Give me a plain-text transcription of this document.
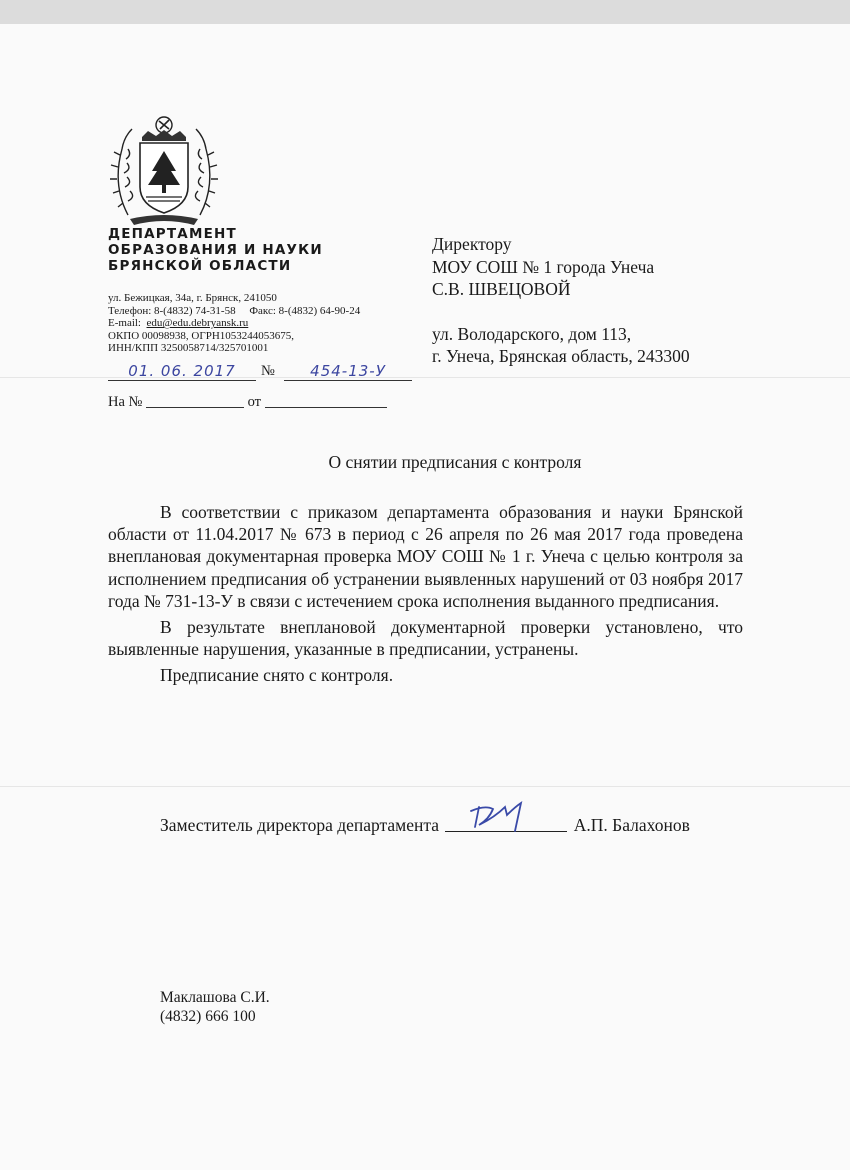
ДЕПАРТАМЕНТ
ОБРАЗОВАНИЯ И НАУКИ
БРЯНСКОЙ ОБЛАСТИ
ул. Бежицкая, 34а, г. Брянск, 241050
Телефон: 8-(4832) 74-31-58     Факс: 8-(4832) 64-90-24
E-mail:  edu@edu.debryansk.ru
ОКПО 00098938, ОГРН1053244053675,
ИНН/КПП 3250058714/325701001
01. 06. 2017	№	454-13-У
На №	от
Директору
МОУ СОШ № 1 города Унеча
С.В. ШВЕЦОВОЙ
ул. Володарского, дом 113,
г. Унеча, Брянская область, 243300
О снятии предписания с контроля

В соответствии с приказом департамента образования и науки Брянской области от 11.04.2017 № 673 в период с 26 апреля по 26 мая 2017 года проведена внеплановая документарная проверка МОУ СОШ № 1 г. Унеча с целью контроля за исполнением предписания об устранении выявленных нарушений от 03 ноября 2017 года № 731-13-У в связи с истечением срока исполнения выданного предписания.

В результате внеплановой документарной проверки установлено, что выявленные нарушения, указанные в предписании, устранены.

Предписание снято с контроля.

Заместитель директора департамента	А.П. Балахонов
Маклашова С.И.
(4832) 666 100
